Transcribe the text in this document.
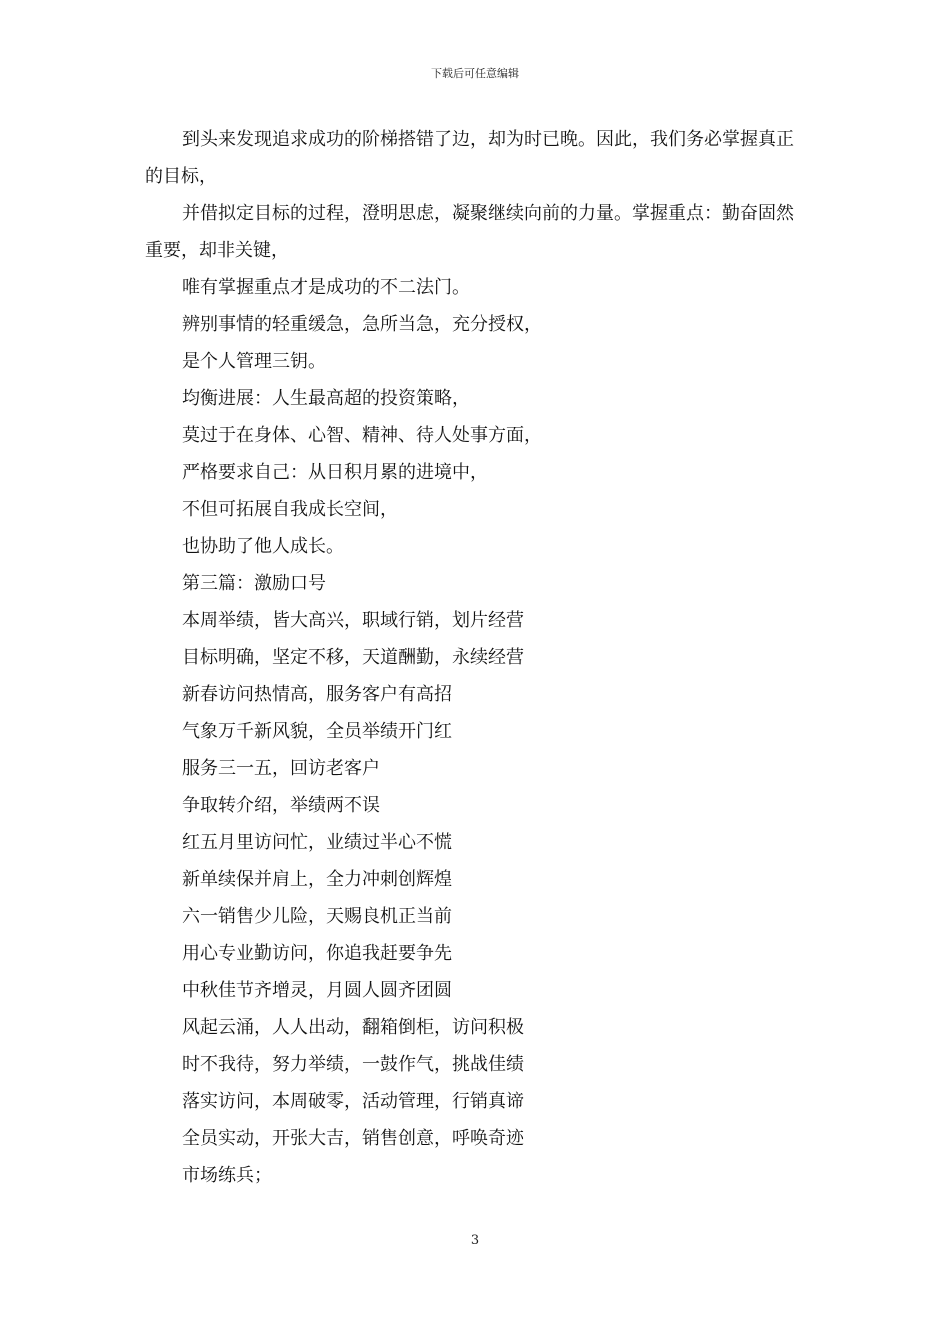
下载后可任意编辑

到头来发现追求成功的阶梯搭错了边，却为时已晚。因此，我们务必掌握真正的目标，

并借拟定目标的过程，澄明思虑，凝聚继续向前的力量。掌握重点：勤奋固然重要，却非关键，

唯有掌握重点才是成功的不二法门。

辨别事情的轻重缓急，急所当急，充分授权，

是个人管理三钥。

均衡进展：人生最高超的投资策略，

莫过于在身体、心智、精神、待人处事方面，

严格要求自己：从日积月累的进境中，

不但可拓展自我成长空间，

也协助了他人成长。

第三篇：激励口号

本周举绩，皆大高兴，职域行销，划片经营

目标明确，坚定不移，天道酬勤，永续经营

新春访问热情高，服务客户有高招

气象万千新风貌，全员举绩开门红

服务三一五，回访老客户

争取转介绍，举绩两不误

红五月里访问忙，业绩过半心不慌

新单续保并肩上，全力冲刺创辉煌

六一销售少儿险，天赐良机正当前

用心专业勤访问，你追我赶要争先

中秋佳节齐增灵，月圆人圆齐团圆

风起云涌，人人出动，翻箱倒柜，访问积极

时不我待，努力举绩，一鼓作气，挑战佳绩

落实访问，本周破零，活动管理，行销真谛

全员实动，开张大吉，销售创意，呼唤奇迹

市场练兵；

3
